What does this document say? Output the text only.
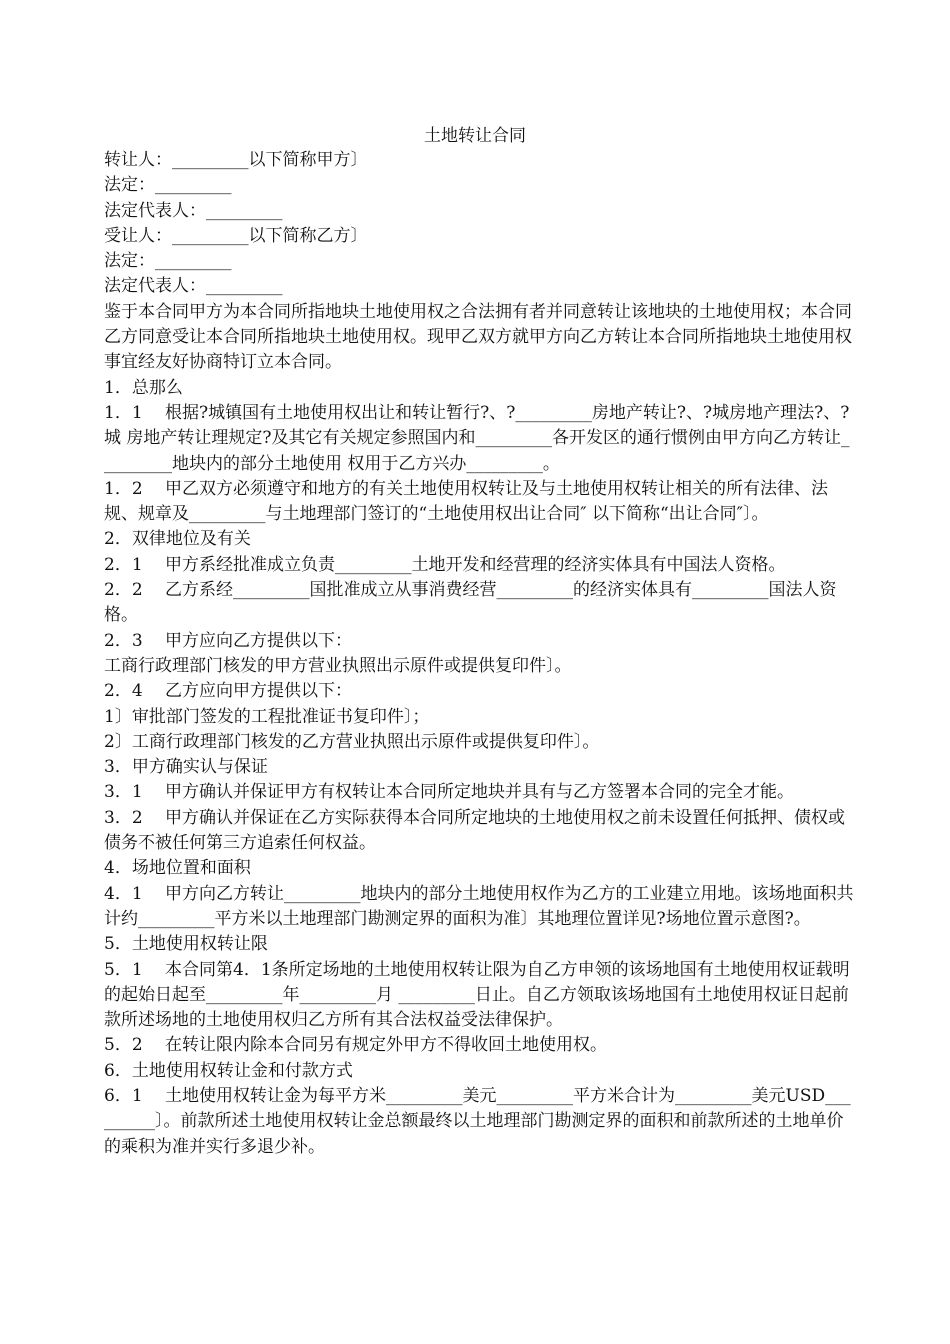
土地转让合同

转让人：_________以下简称甲方〕

法定：_________

法定代表人：_________

受让人：_________以下简称乙方〕

法定：_________

法定代表人：_________

鉴于本合同甲方为本合同所指地块土地使用权之合法拥有者并同意转让该地块的土地使用权；本合同乙方同意受让本合同所指地块土地使用权。现甲乙双方就甲方向乙方转让本合同所指地块土地使用权事宜经友好协商特订立本合同。

1．总那么

1．1　 根据?城镇国有土地使用权出让和转让暂行?、?_________房地产转让?、?城房地产理法?、?城 房地产转让理规定?及其它有关规定参照国内和_________各开发区的通行惯例由甲方向乙方转让_________地块内的部分土地使用 权用于乙方兴办_________。

1．2　 甲乙双方必须遵守和地方的有关土地使用权转让及与土地使用权转让相关的所有法律、法规、规章及_________与土地理部门签订的“土地使用权出让合同″ 以下简称“出让合同″〕。

2．双律地位及有关

2．1　 甲方系经批准成立负责_________土地开发和经营理的经济实体具有中国法人资格。

2．2　 乙方系经_________国批准成立从事消费经营_________的经济实体具有_________国法人资格。

2．3　 甲方应向乙方提供以下：

工商行政理部门核发的甲方营业执照出示原件或提供复印件〕。

2．4　 乙方应向甲方提供以下：

1〕审批部门签发的工程批准证书复印件〕；

2〕工商行政理部门核发的乙方营业执照出示原件或提供复印件〕。

3．甲方确实认与保证

3．1　 甲方确认并保证甲方有权转让本合同所定地块并具有与乙方签署本合同的完全才能。

3．2　 甲方确认并保证在乙方实际获得本合同所定地块的土地使用权之前未设置任何抵押、债权或债务不被任何第三方追索任何权益。

4．场地位置和面积

4．1　 甲方向乙方转让_________地块内的部分土地使用权作为乙方的工业建立用地。该场地面积共计约_________平方米以土地理部门勘测定界的面积为准〕其地理位置详见?场地位置示意图?。

5．土地使用权转让限

5．1　 本合同第4．1条所定场地的土地使用权转让限为自乙方申领的该场地国有土地使用权证载明的起始日起至_________年_________月 _________日止。自乙方领取该场地国有土地使用权证日起前款所述场地的土地使用权归乙方所有其合法权益受法律保护。

5．2　 在转让限内除本合同另有规定外甲方不得收回土地使用权。

6．土地使用权转让金和付款方式

6．1　 土地使用权转让金为每平方米_________美元_________平方米合计为_________美元USD_________〕。前款所述土地使用权转让金总额最终以土地理部门勘测定界的面积和前款所述的土地单价的乘积为准并实行多退少补。
